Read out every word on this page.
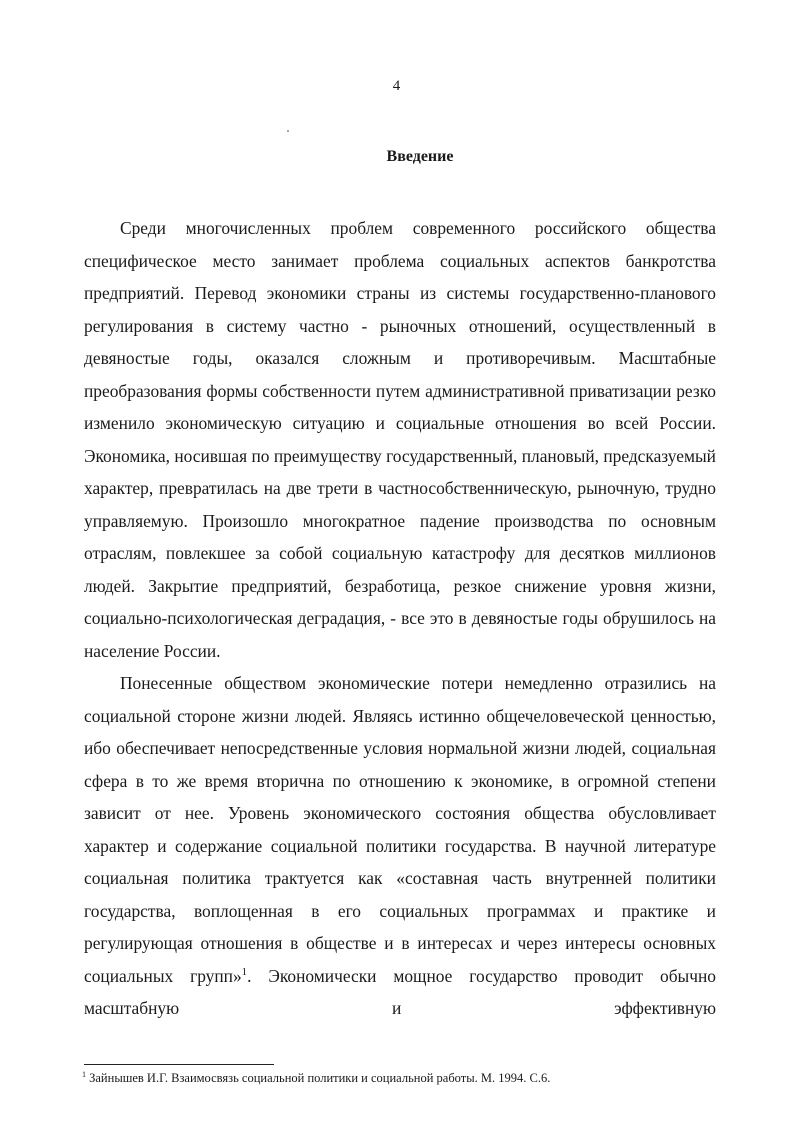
4

Введение

Среди многочисленных проблем современного российского общества специфическое место занимает проблема социальных аспектов банкротства предприятий. Перевод экономики страны из системы государственно-планового регулирования в систему частно - рыночных отношений, осуществленный в девяностые годы, оказался сложным и противоречивым. Масштабные преобразования формы собственности путем административной приватизации резко изменило экономическую ситуацию и социальные отношения во всей России. Экономика, носившая по преимуществу государственный, плановый, предсказуемый характер, превратилась на две трети в частнособственническую, рыночную, трудно управляемую. Произошло многократное падение производства по основным отраслям, повлекшее за собой социальную катастрофу для десятков миллионов людей. Закрытие предприятий, безработица, резкое снижение уровня жизни, социально-психологическая деградация, - все это в девяностые годы обрушилось на население России.

Понесенные обществом экономические потери немедленно отразились на социальной стороне жизни людей. Являясь истинно общечеловеческой ценностью, ибо обеспечивает непосредственные условия нормальной жизни людей, социальная сфера в то же время вторична по отношению к экономике, в огромной степени зависит от нее. Уровень экономического состояния общества обусловливает характер и содержание социальной политики государства. В научной литературе социальная политика трактуется как «составная часть внутренней политики государства, воплощенная в его социальных программах и практике и регулирующая отношения в обществе и в интересах и через интересы основных социальных групп»$^1$. Экономически мощное государство проводит обычно масштабную и эффективную

$^1$ Зайнышев И.Г. Взаимосвязь социальной политики и социальной работы. М. 1994. С.6.
